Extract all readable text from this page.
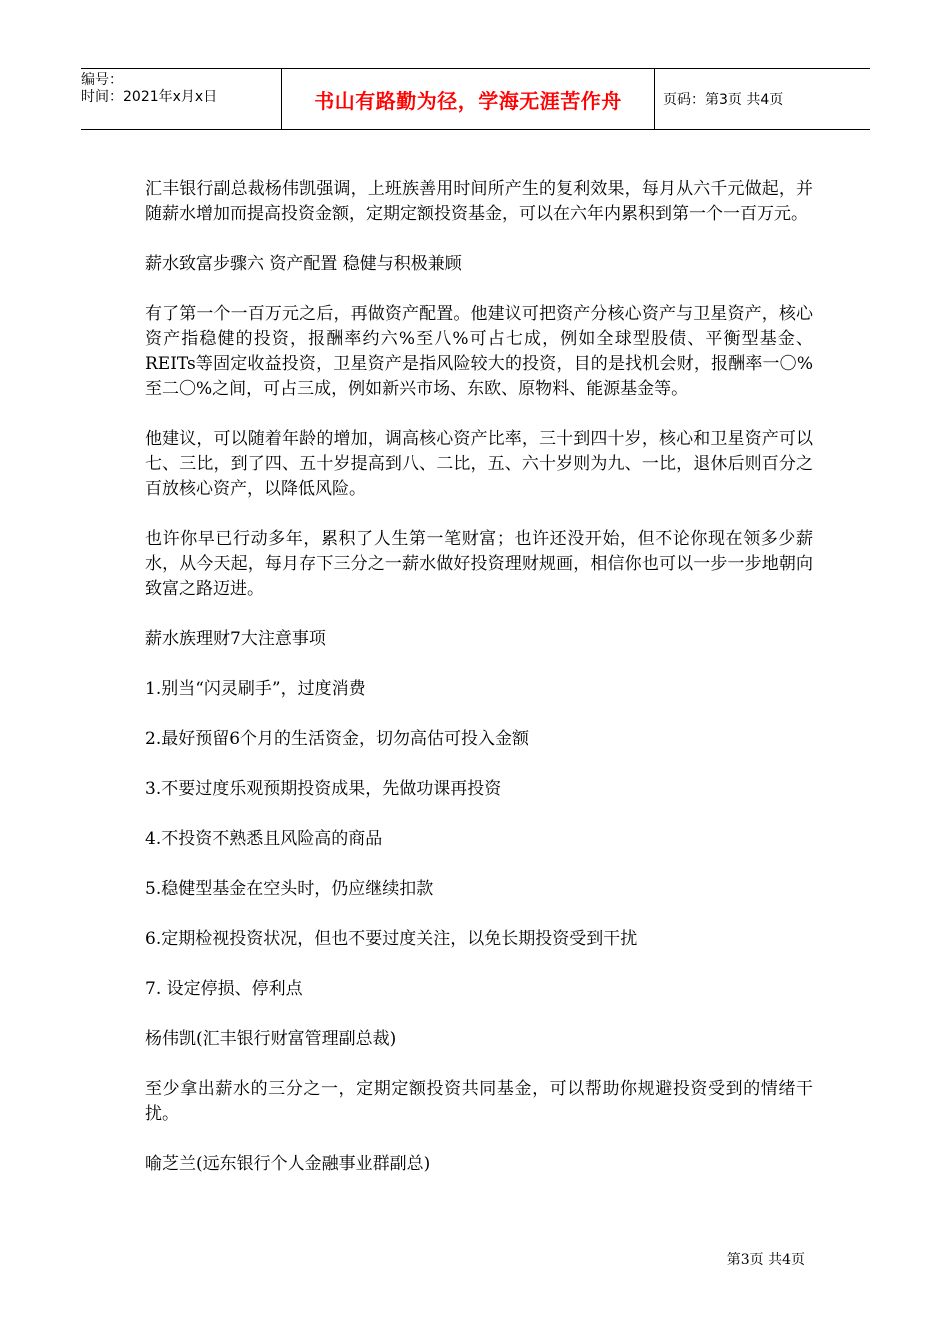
编号：
时间：2021年x月x日	书山有路勤为径，学海无涯苦作舟	页码：第3页 共4页

汇丰银行副总裁杨伟凯强调，上班族善用时间所产生的复利效果，每月从六千元做起，并随薪水增加而提高投资金额，定期定额投资基金，可以在六年内累积到第一个一百万元。

薪水致富步骤六 资产配置 稳健与积极兼顾

有了第一个一百万元之后，再做资产配置。他建议可把资产分核心资产与卫星资产，核心资产指稳健的投资，报酬率约六%至八%可占七成，例如全球型股债、平衡型基金、REITs等固定收益投资，卫星资产是指风险较大的投资，目的是找机会财，报酬率一〇%至二〇%之间，可占三成，例如新兴市场、东欧、原物料、能源基金等。

他建议，可以随着年龄的增加，调高核心资产比率，三十到四十岁，核心和卫星资产可以七、三比，到了四、五十岁提高到八、二比，五、六十岁则为九、一比，退休后则百分之百放核心资产，以降低风险。

也许你早已行动多年，累积了人生第一笔财富；也许还没开始，但不论你现在领多少薪水，从今天起，每月存下三分之一薪水做好投资理财规画，相信你也可以一步一步地朝向致富之路迈进。

薪水族理财7大注意事项

1.别当“闪灵刷手”，过度消费

2.最好预留6个月的生活资金，切勿高估可投入金额

3.不要过度乐观预期投资成果，先做功课再投资

4.不投资不熟悉且风险高的商品

5.稳健型基金在空头时，仍应继续扣款

6.定期检视投资状况，但也不要过度关注，以免长期投资受到干扰

7. 设定停损、停利点

杨伟凯(汇丰银行财富管理副总裁)

至少拿出薪水的三分之一，定期定额投资共同基金，可以帮助你规避投资受到的情绪干扰。

喻芝兰(远东银行个人金融事业群副总)

第3页 共4页
